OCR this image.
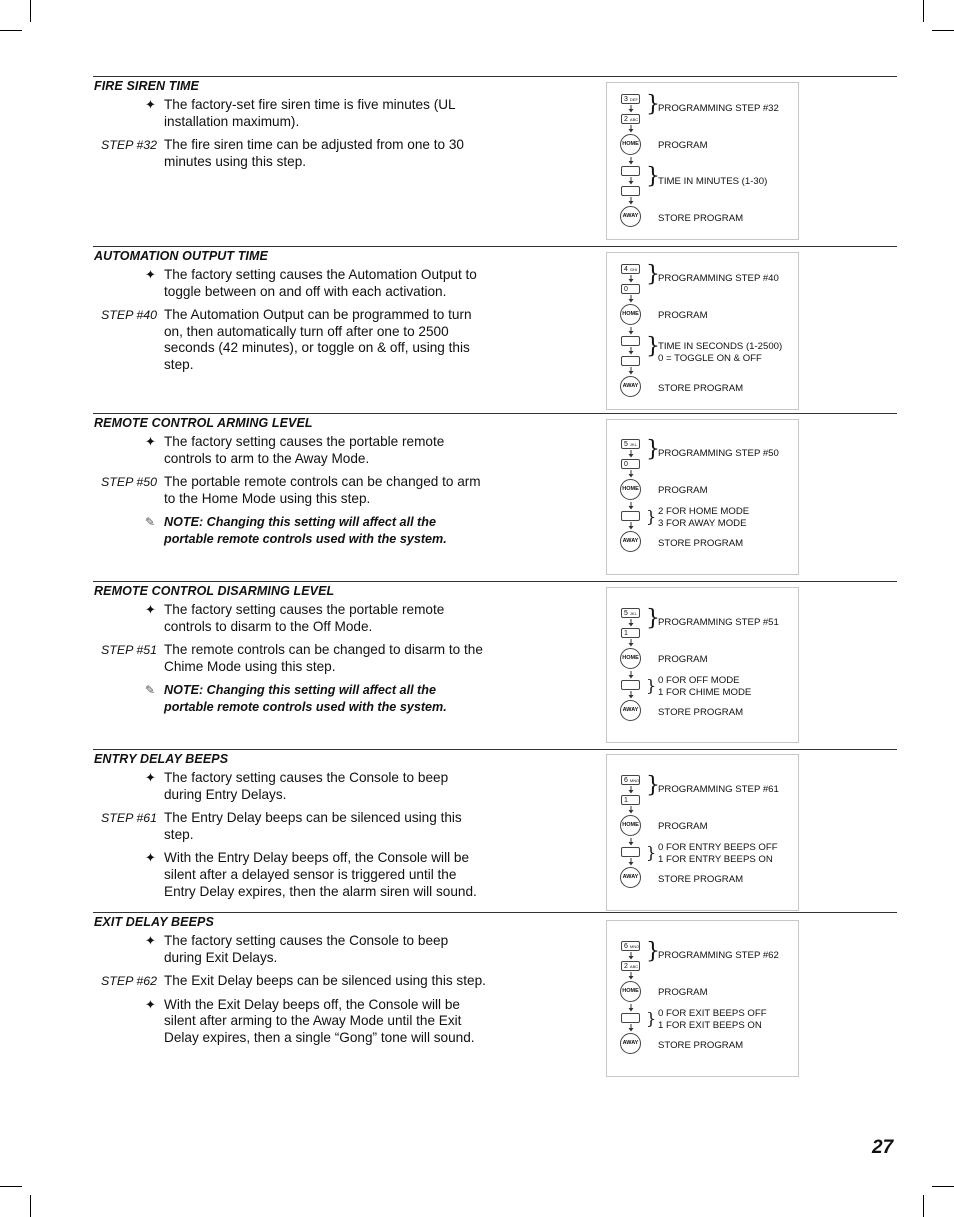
FIRE SIREN TIME
✦ The factory-set fire siren time is five minutes (UL installation maximum).
STEP #32 The fire siren time can be adjusted from one to 30 minutes using this step.
3 DEF
2 ABC
}
PROGRAMMING STEP #32
HOME PROGRAM
}
TIME IN MINUTES (1-30)
AWAY STORE PROGRAM
AUTOMATION OUTPUT TIME
✦ The factory setting causes the Automation Output to toggle between on and off with each activation.
STEP #40 The Automation Output can be programmed to turn on, then automatically turn off after one to 2500 seconds (42 minutes), or toggle on & off, using this step.
4 GHI
0
}
PROGRAMMING STEP #40
HOME PROGRAM
}
TIME IN SECONDS (1-2500)
0 = TOGGLE ON & OFF
AWAY STORE PROGRAM
REMOTE CONTROL ARMING LEVEL
✦ The factory setting causes the portable remote controls to arm to the Away Mode.
STEP #50 The portable remote controls can be changed to arm to the Home Mode using this step.
✎ NOTE: Changing this setting will affect all the portable remote controls used with the system.
5 JKL
0
}
PROGRAMMING STEP #50
HOME PROGRAM
} 2 FOR HOME MODE
3 FOR AWAY MODE
AWAY STORE PROGRAM
REMOTE CONTROL DISARMING LEVEL
✦ The factory setting causes the portable remote controls to disarm to the Off Mode.
STEP #51 The remote controls can be changed to disarm to the Chime Mode using this step.
✎ NOTE: Changing this setting will affect all the portable remote controls used with the system.
5 JKL
1
}
PROGRAMMING STEP #51
HOME PROGRAM
} 0 FOR OFF MODE
1 FOR CHIME MODE
AWAY STORE PROGRAM
ENTRY DELAY BEEPS
✦ The factory setting causes the Console to beep during Entry Delays.
STEP #61 The Entry Delay beeps can be silenced using this step.
✦ With the Entry Delay beeps off, the Console will be silent after a delayed sensor is triggered until the Entry Delay expires, then the alarm siren will sound.
6 MNO
1
}
PROGRAMMING STEP #61
HOME PROGRAM
} 0 FOR ENTRY BEEPS OFF
1 FOR ENTRY BEEPS ON
AWAY STORE PROGRAM
EXIT DELAY BEEPS
✦ The factory setting causes the Console to beep during Exit Delays.
STEP #62 The Exit Delay beeps can be silenced using this step.
✦ With the Exit Delay beeps off, the Console will be silent after arming to the Away Mode until the Exit Delay expires, then a single “Gong” tone will sound.
6 MNO
2 ABC
}
PROGRAMMING STEP #62
HOME PROGRAM
} 0 FOR EXIT BEEPS OFF
1 FOR EXIT BEEPS ON
AWAY STORE PROGRAM
27
